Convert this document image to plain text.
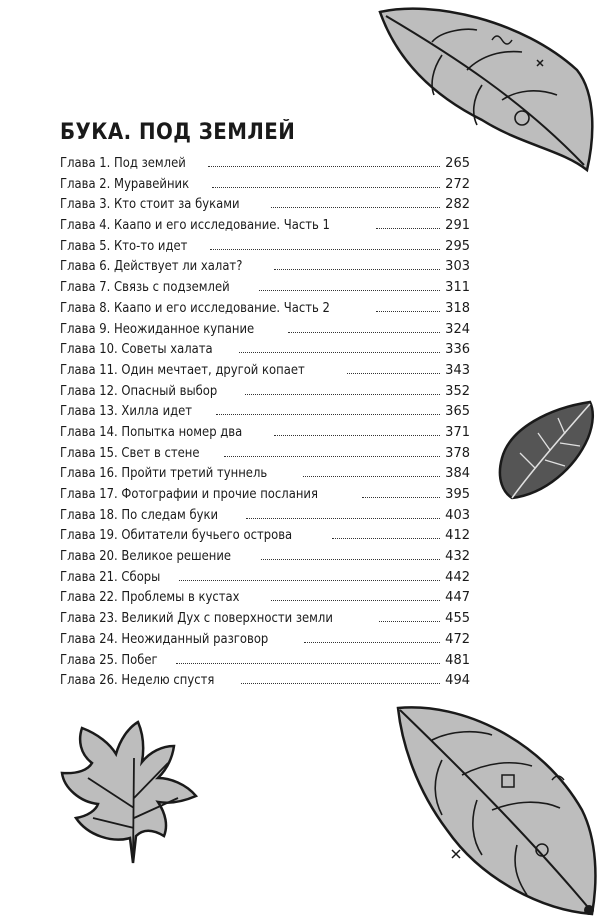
БУКА. ПОД ЗЕМЛЕЙ
Глава 1. Под землей	265
Глава 2. Муравейник	272
Глава 3. Кто стоит за буками	282
Глава 4. Каапо и его исследование. Часть 1	291
Глава 5. Кто-то идет	295
Глава 6. Действует ли халат?	303
Глава 7. Связь с подземлей	311
Глава 8. Каапо и его исследование. Часть 2	318
Глава 9. Неожиданное купание	324
Глава 10. Советы халата	336
Глава 11. Один мечтает, другой копает	343
Глава 12. Опасный выбор	352
Глава 13. Хилла идет	365
Глава 14. Попытка номер два	371
Глава 15. Свет в стене	378
Глава 16. Пройти третий туннель	384
Глава 17. Фотографии и прочие послания	395
Глава 18. По следам буки	403
Глава 19. Обитатели бучьего острова	412
Глава 20. Великое решение	432
Глава 21. Сборы	442
Глава 22. Проблемы в кустах	447
Глава 23. Великий Дух с поверхности земли	455
Глава 24. Неожиданный разговор	472
Глава 25. Побег	481
Глава 26. Неделю спустя	494
